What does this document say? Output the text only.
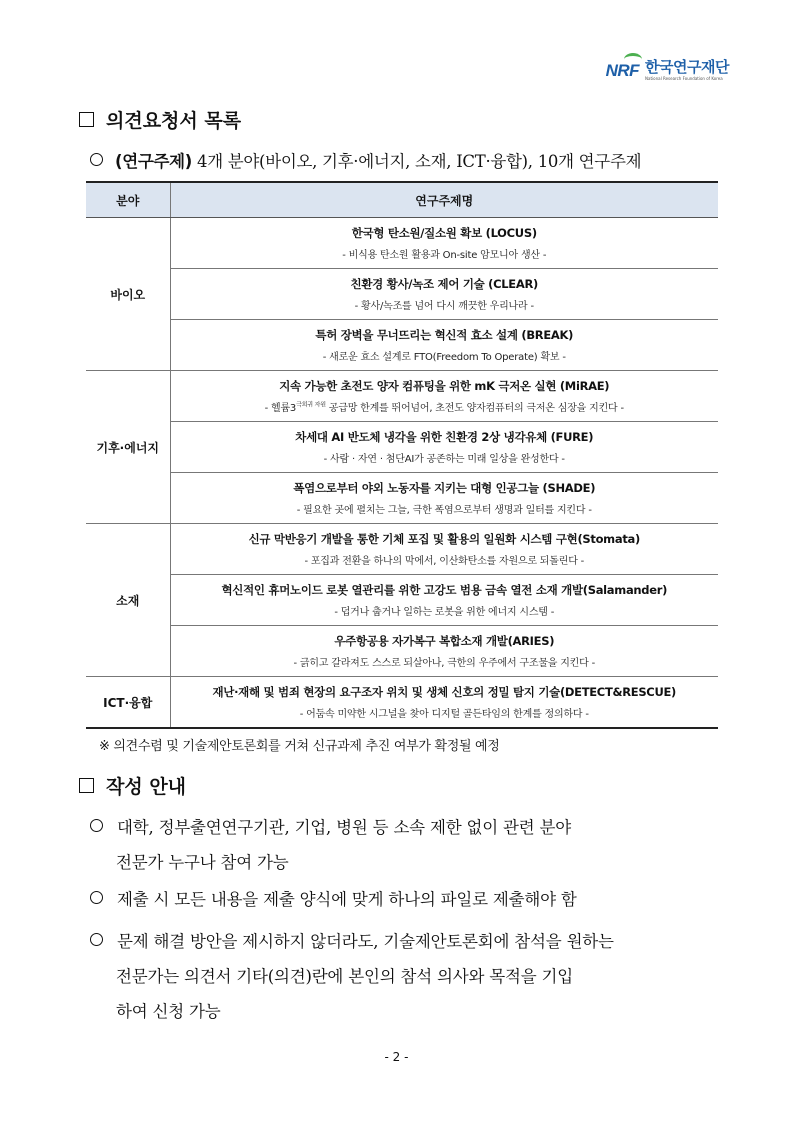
NRF 한국연구재단
National Research Foundation of Korea
의견요청서 목록
(연구주제) 4개 분야(바이오, 기후·에너지, 소재, ICT·융합), 10개 연구주제
분야	연구주제명
바이오	한국형 탄소원/질소원 확보 (LOCUS)
- 비식용 탄소원 활용과 On-site 암모니아 생산 -

	친환경 황사/녹조 제어 기술 (CLEAR)
- 황사/녹조를 넘어 다시 깨끗한 우리나라 -

	특허 장벽을 무너뜨리는 혁신적 효소 설계 (BREAK)
- 새로운 효소 설계로 FTO(Freedom To Operate) 확보 -

기후·에너지	지속 가능한 초전도 양자 컴퓨팅을 위한 mK 극저온 실현 (MiRAE)
- 헬륨$3^{극희귀 자원}$ 공급망 한계를 뛰어넘어, 초전도 양자컴퓨터의 극저온 심장을 지킨다 -

	차세대 AI 반도체 냉각을 위한 친환경 2상 냉각유체 (FURE)
- 사람 · 자연 · 첨단AI가 공존하는 미래 일상을 완성한다 -

	폭염으로부터 야외 노동자를 지키는 대형 인공그늘 (SHADE)
- 필요한 곳에 펼치는 그늘, 극한 폭염으로부터 생명과 일터를 지킨다 -

소재	신규 막반응기 개발을 통한 기체 포집 및 활용의 일원화 시스템 구현(Stomata)
- 포집과 전환을 하나의 막에서, 이산화탄소를 자원으로 되돌린다 -

	혁신적인 휴머노이드 로봇 열관리를 위한 고강도 범용 금속 열전 소재 개발(Salamander)
- 덥거나 춥거나 일하는 로봇을 위한 에너지 시스템 -

	우주항공용 자가복구 복합소재 개발(ARIES)
- 긁히고 갈라져도 스스로 되살아나, 극한의 우주에서 구조물을 지킨다 -

ICT·융합	재난·재해 및 범죄 현장의 요구조자 위치 및 생체 신호의 정밀 탐지 기술(DETECT&RESCUE)
- 어둠속 미약한 시그널을 찾아 디지털 골든타임의 한계를 정의하다 -
※ 의견수렴 및 기술제안토론회를 거쳐 신규과제 추진 여부가 확정될 예정
작성 안내
대학, 정부출연연구기관, 기업, 병원 등 소속 제한 없이 관련 분야
전문가 누구나 참여 가능
제출 시 모든 내용을 제출 양식에 맞게 하나의 파일로 제출해야 함
문제 해결 방안을 제시하지 않더라도, 기술제안토론회에 참석을 원하는
전문가는 의견서 기타(의견)란에 본인의 참석 의사와 목적을 기입
하여 신청 가능
- 2 -
